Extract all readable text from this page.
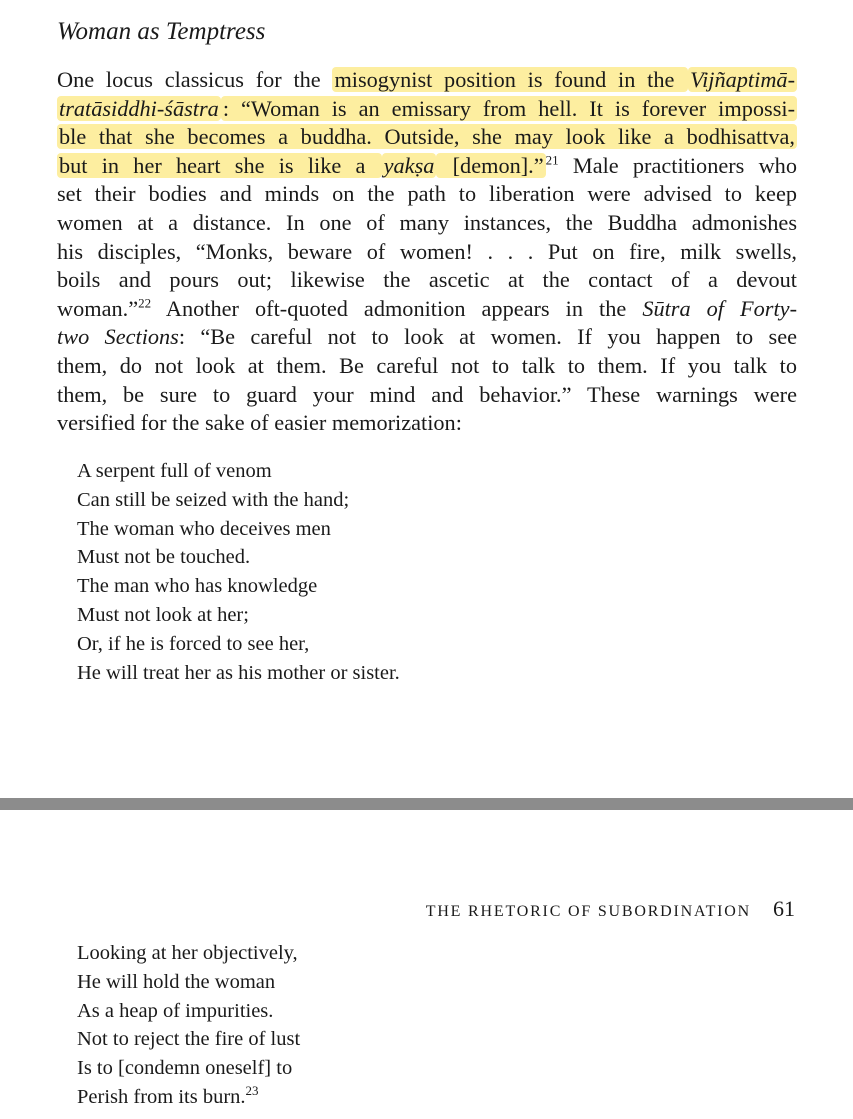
Woman as Temptress
One locus classicus for the misogynist position is found in the Vijñaptimā-
tratāsiddhi-śāstra : “Woman is an emissary from hell. It is forever impossi-
ble that she becomes a buddha. Outside, she may look like a bodhisattva,
but in her heart she is like a yakṣa [demon].” $^{21}$ Male practitioners who
set their bodies and minds on the path to liberation were advised to keep
women at a distance. In one of many instances, the Buddha admonishes
his disciples, “Monks, beware of women! . . . Put on fire, milk swells,
boils and pours out; likewise the ascetic at the contact of a devout
woman.”$^{22}$ Another oft-quoted admonition appears in the Sūtra of Forty-
two Sections: “Be careful not to look at women. If you happen to see
them, do not look at them. Be careful not to talk to them. If you talk to
them, be sure to guard your mind and behavior.” These warnings were
versified for the sake of easier memorization:
A serpent full of venom
Can still be seized with the hand;
The woman who deceives men
Must not be touched.
The man who has knowledge
Must not look at her;
Or, if he is forced to see her,
He will treat her as his mother or sister.
THE RHETORIC OF SUBORDINATION 61
Looking at her objectively,
He will hold the woman
As a heap of impurities.
Not to reject the fire of lust
Is to [condemn oneself] to
Perish from its burn.$^{23}$
